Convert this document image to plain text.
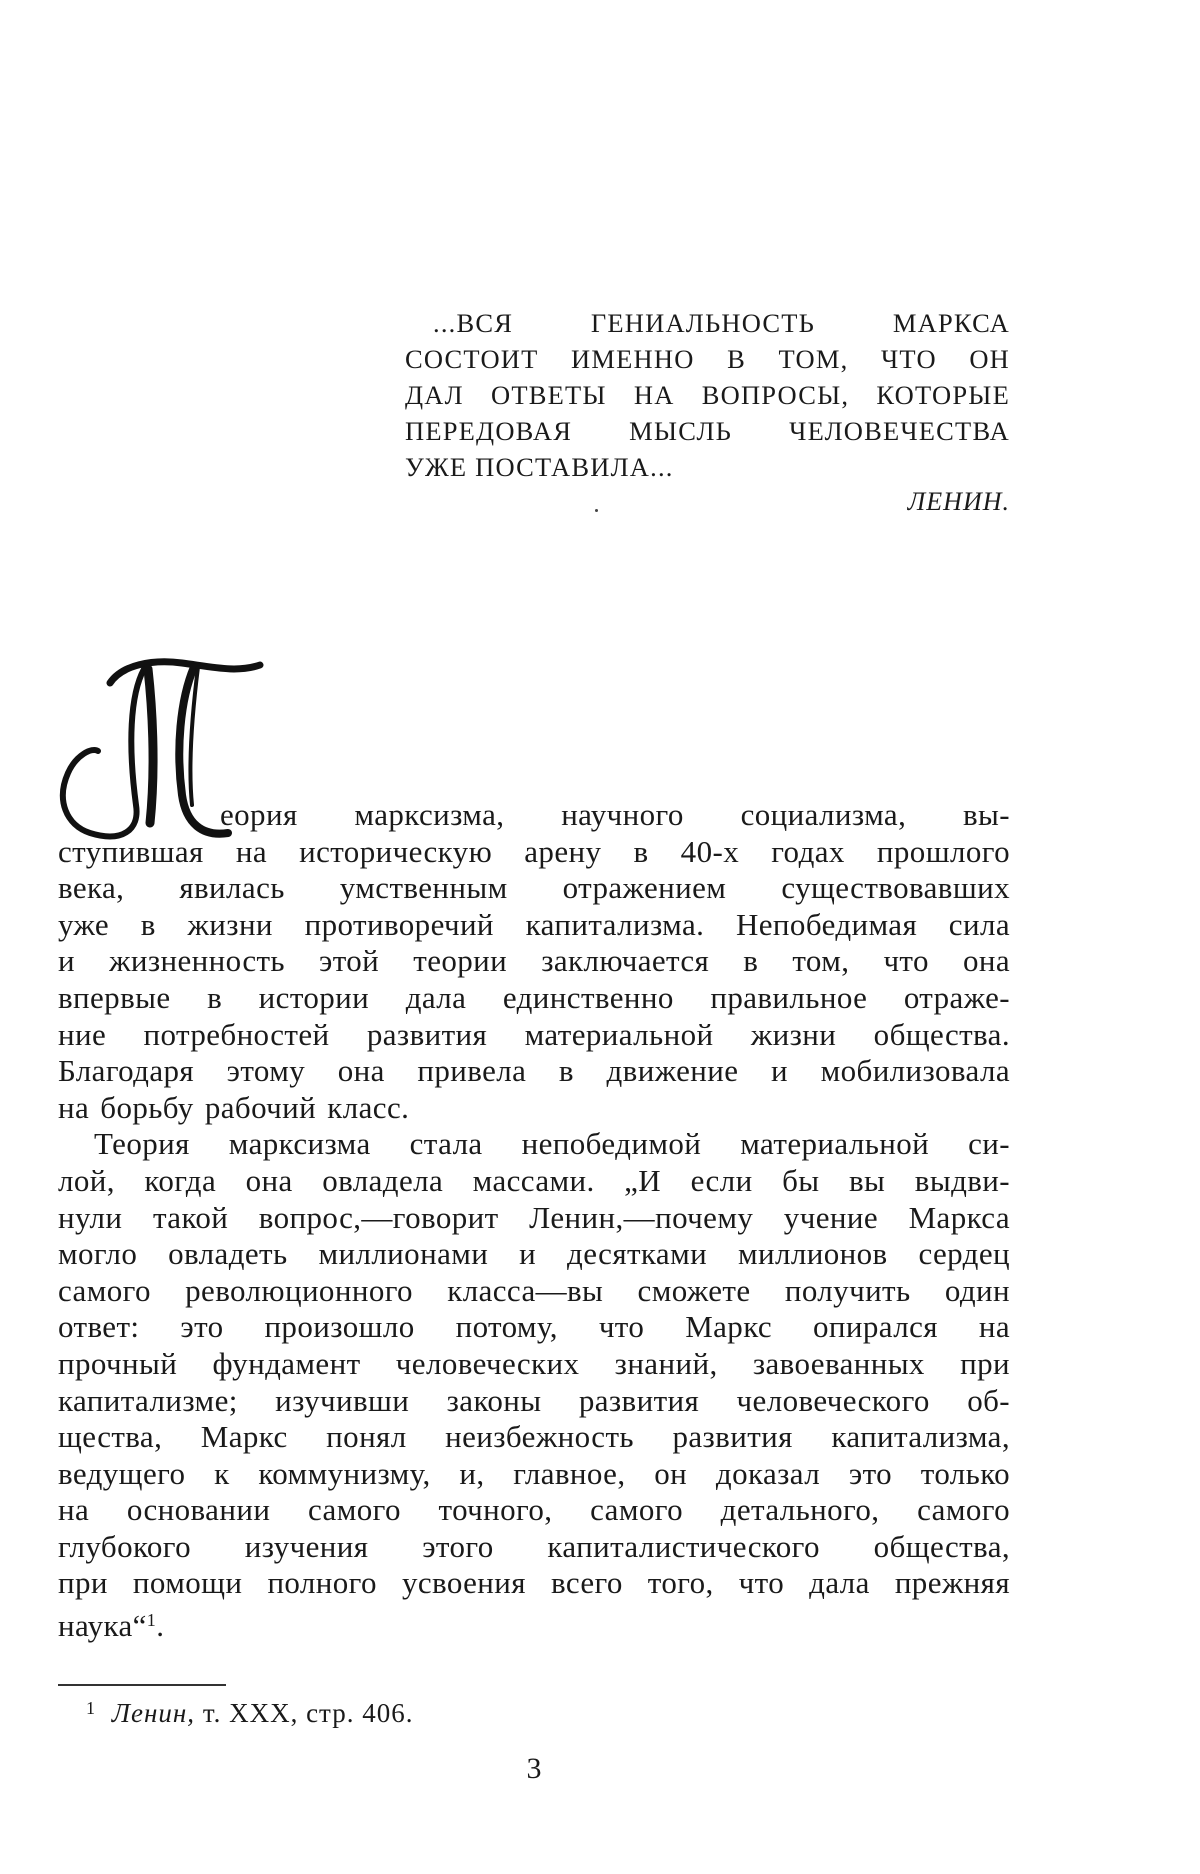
...ВСЯ ГЕНИАЛЬНОСТЬ МАРКСА
СОСТОИТ ИМЕННО В ТОМ, ЧТО ОН
ДАЛ ОТВЕТЫ НА ВОПРОСЫ, КОТОРЫЕ
ПЕРЕДОВАЯ МЫСЛЬ ЧЕЛОВЕЧЕСТВА
УЖЕ ПОСТАВИЛА...

ЛЕНИН.

еория марксизма, научного социализма, вы-
ступившая на историческую арену в 40-х годах прошлого
века, явилась умственным отражением существовавших
уже в жизни противоречий капитализма. Непобедимая сила
и жизненность этой теории заключается в том, что она
впервые в истории дала единственно правильное отраже-
ние потребностей развития материальной жизни общества.
Благодаря этому она привела в движение и мобилизовала
на борьбу рабочий класс.

Теория марксизма стала непобедимой материальной си-
лой, когда она овладела массами. „И если бы вы выдви-
нули такой вопрос,—говорит Ленин,—почему учение Маркса
могло овладеть миллионами и десятками миллионов сердец
самого революционного класса—вы сможете получить один
ответ: это произошло потому, что Маркс опирался на
прочный фундамент человеческих знаний, завоеванных при
капитализме; изучивши законы развития человеческого об-
щества, Маркс понял неизбежность развития капитализма,
ведущего к коммунизму, и, главное, он доказал это только
на основании самого точного, самого детального, самого
глубокого изучения этого капиталистического общества,
при помощи полного усвоения всего того, что дала прежняя
наука“$^1$.

$^1$ Ленин, т. XXX, стр. 406.
3
